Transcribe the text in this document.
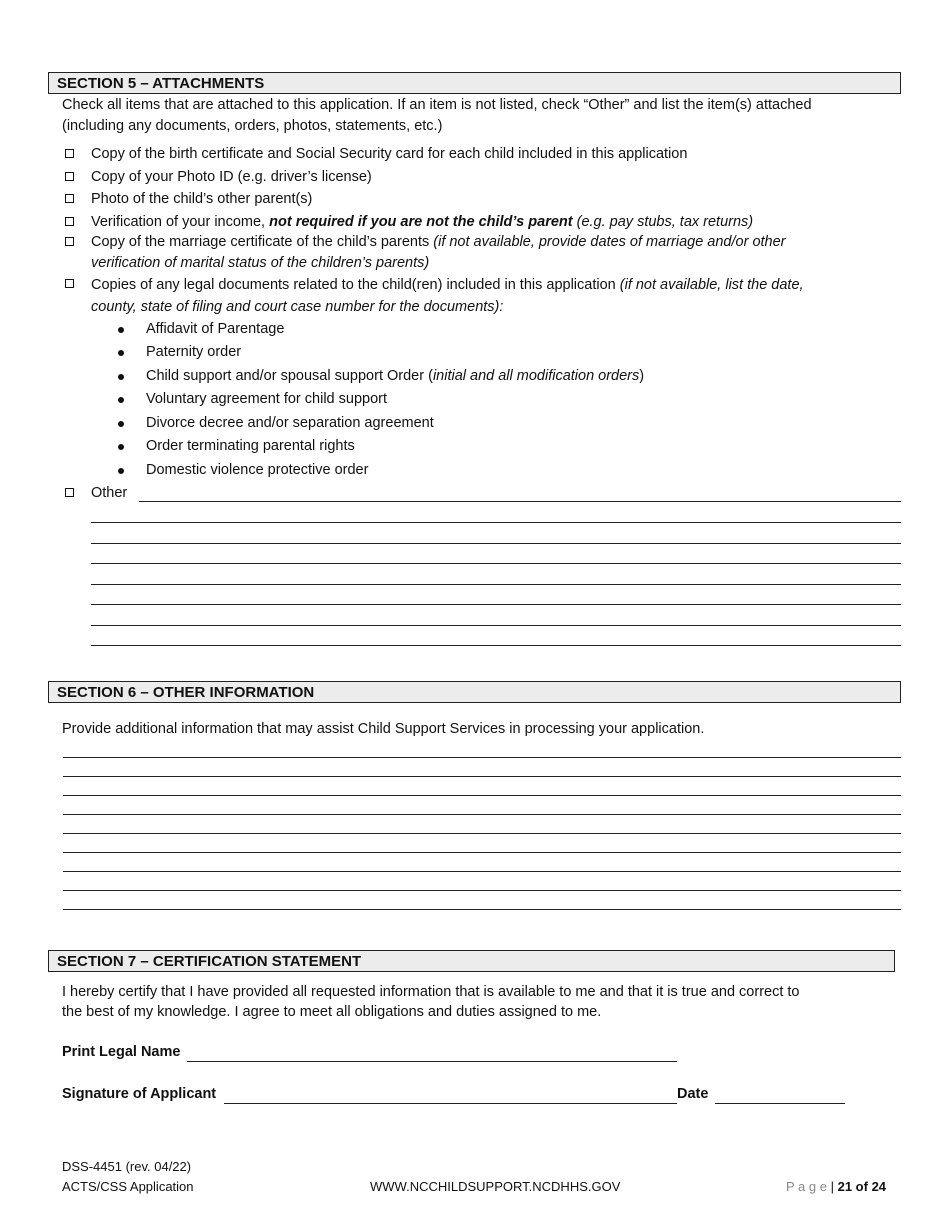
SECTION 5 – ATTACHMENTS
Check all items that are attached to this application. If an item is not listed, check “Other” and list the item(s) attached
(including any documents, orders, photos, statements, etc.)
Copy of the birth certificate and Social Security card for each child included in this application
Copy of your Photo ID (e.g. driver’s license)
Photo of the child’s other parent(s)
Verification of your income, not required if you are not the child’s parent (e.g. pay stubs, tax returns)
Copy of the marriage certificate of the child’s parents (if not available, provide dates of marriage and/or other
verification of marital status of the children’s parents)
Copies of any legal documents related to the child(ren) included in this application (if not available, list the date,
county, state of filing and court case number for the documents):
Affidavit of Parentage
Paternity order
Child support and/or spousal support Order (initial and all modification orders)
Voluntary agreement for child support
Divorce decree and/or separation agreement
Order terminating parental rights
Domestic violence protective order
Other
SECTION 6 – OTHER INFORMATION
Provide additional information that may assist Child Support Services in processing your application.
SECTION 7 – CERTIFICATION STATEMENT
I hereby certify that I have provided all requested information that is available to me and that it is true and correct to
the best of my knowledge. I agree to meet all obligations and duties assigned to me.
Print Legal Name
Signature of Applicant	Date
DSS-4451 (rev. 04/22)
ACTS/CSS Application	WWW.NCCHILDSUPPORT.NCDHHS.GOV	P a g e | 21 of 24
